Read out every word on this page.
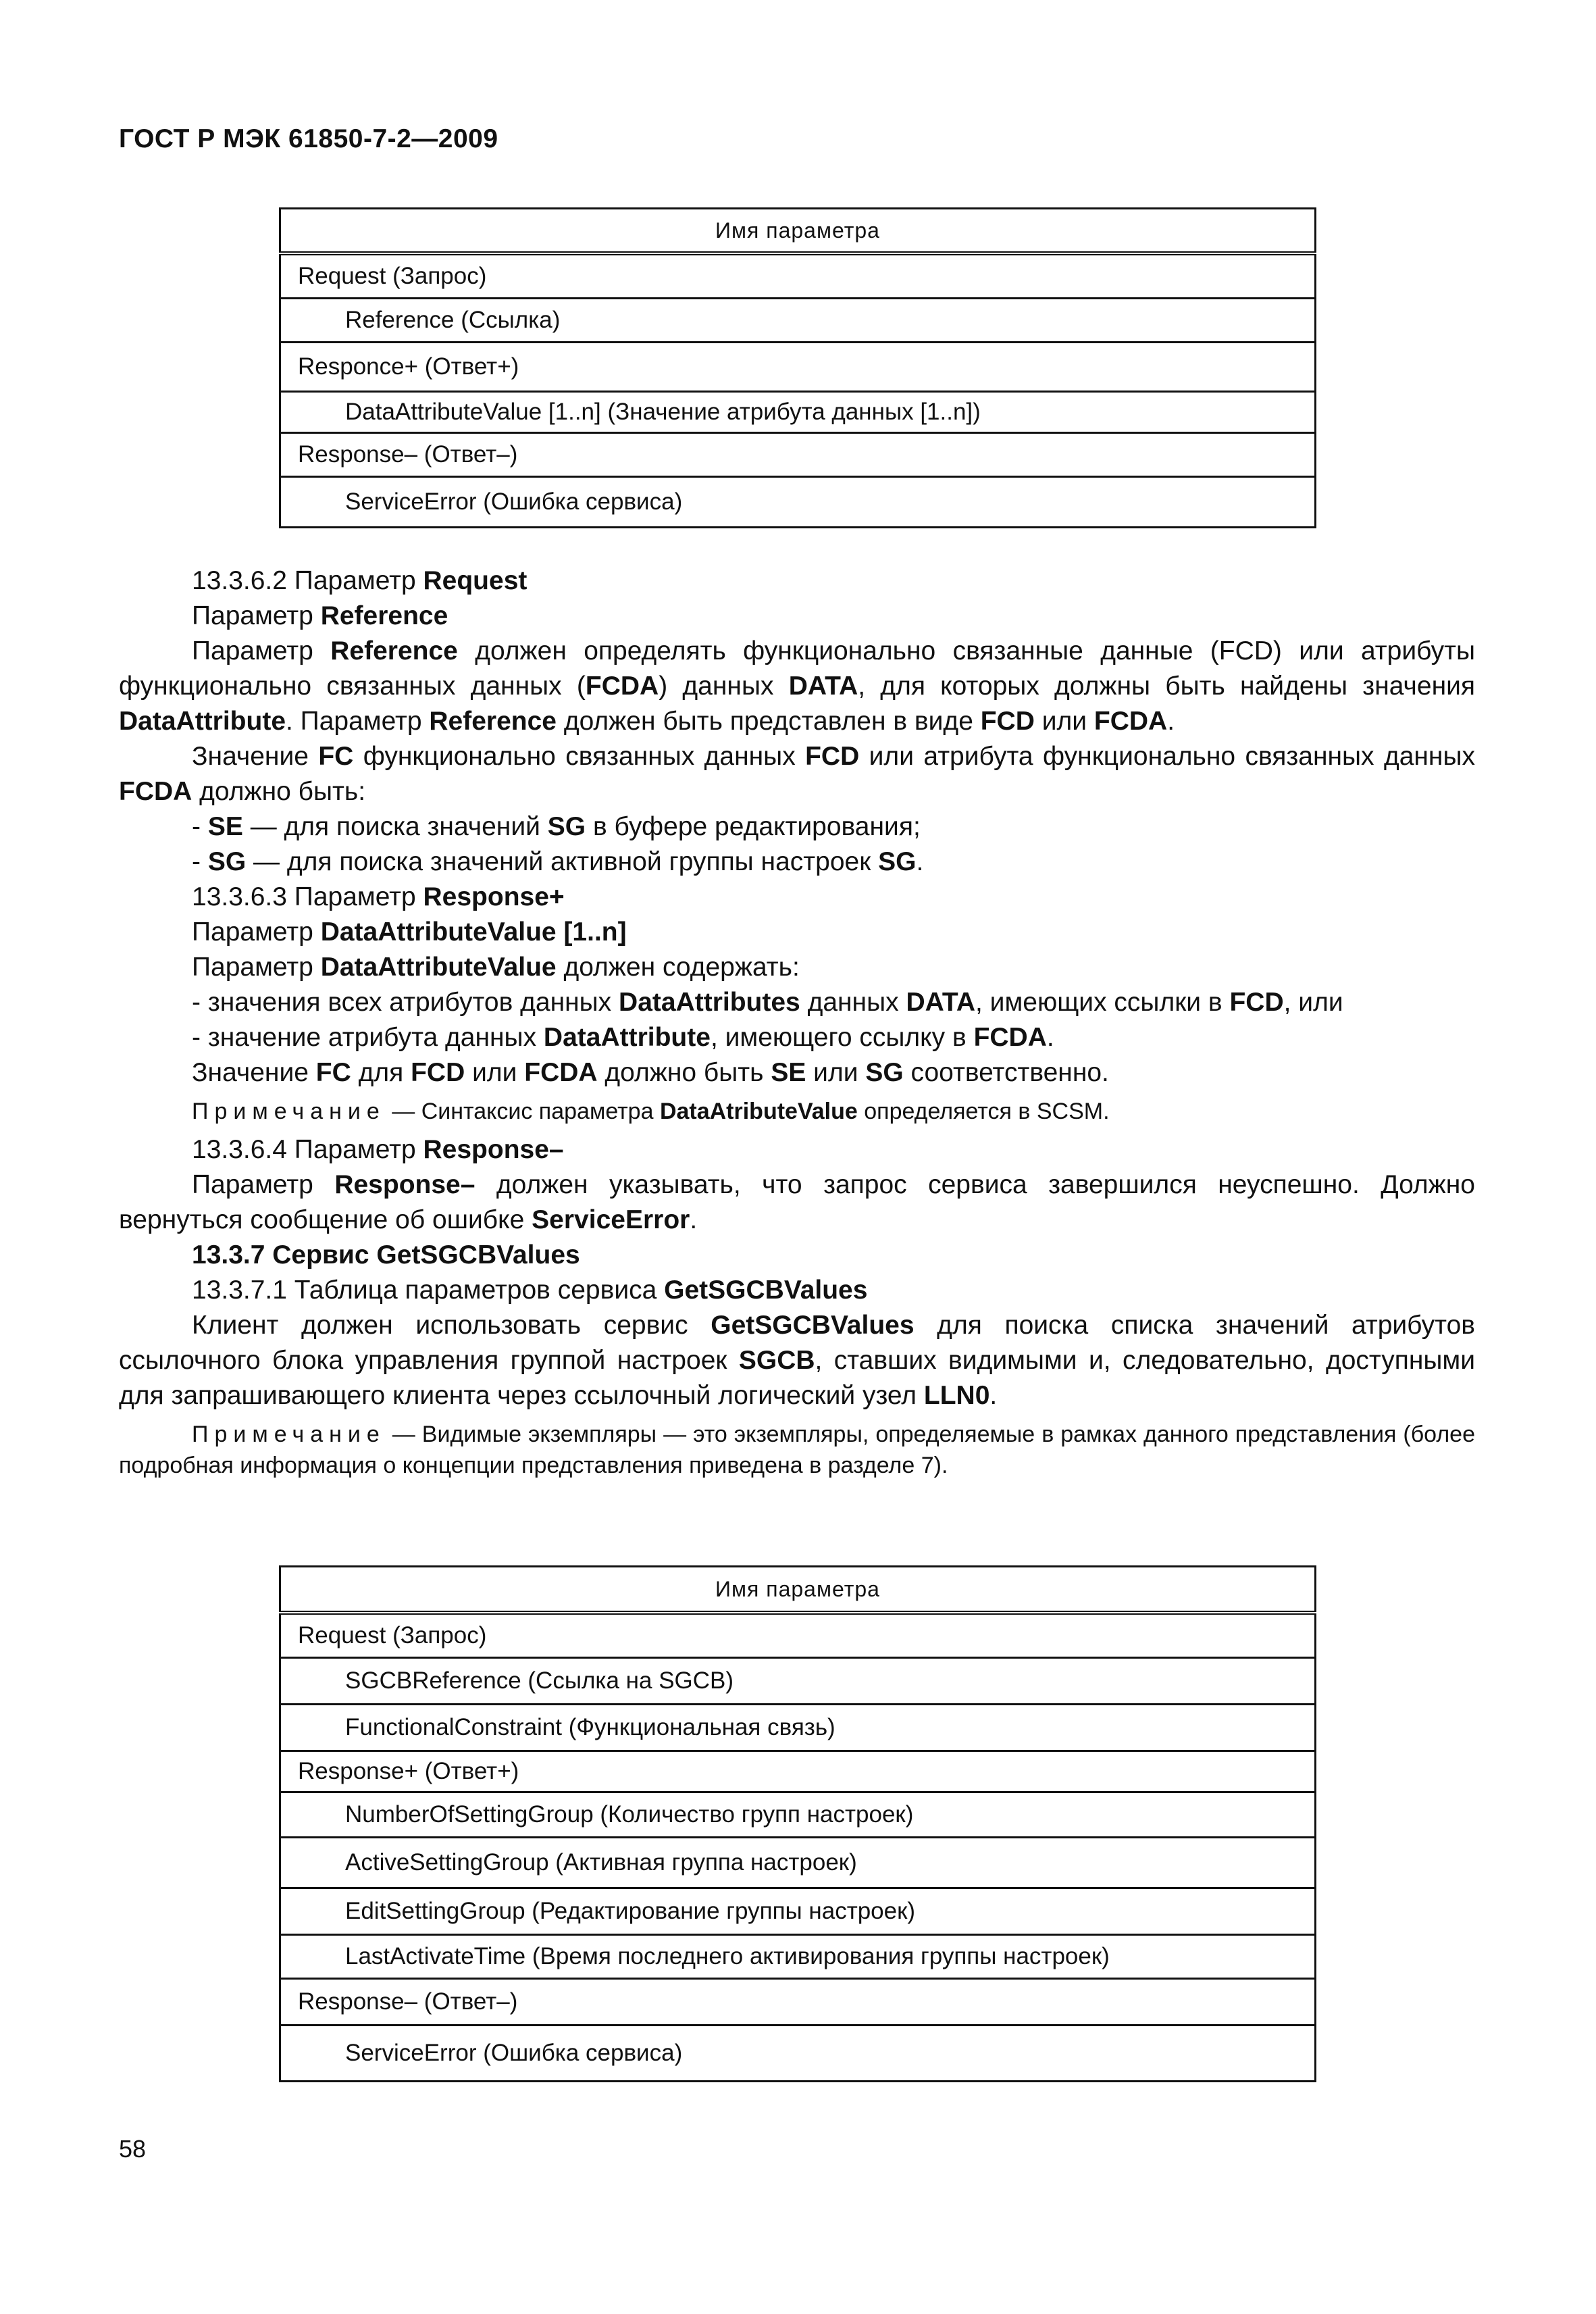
ГОСТ Р МЭК 61850-7-2—2009
Имя параметра
Request (Запрос)
Reference (Ссылка)
Responce+ (Ответ+)
DataAttributeValue [1..n] (Значение атрибута данных [1..n])
Response– (Ответ–)
ServiceError (Ошибка сервиса)

13.3.6.2 Параметр Request

Параметр Reference

Параметр Reference должен определять функционально связанные данные (FCD) или атрибуты функционально связанных данных (FCDA) данных DATA, для которых должны быть найдены значения DataAttribute. Параметр Reference должен быть представлен в виде FCD или FCDA.

Значение FC функционально связанных данных FCD или атрибута функционально связанных данных FCDA должно быть:

- SE — для поиска значений SG в буфере редактирования;

- SG — для поиска значений активной группы настроек SG.

13.3.6.3 Параметр Response+

Параметр DataAttributeValue [1..n]

Параметр DataAttributeValue должен содержать:

- значения всех атрибутов данных DataAttributes данных DATA, имеющих ссылки в FCD, или

- значение атрибута данных DataAttribute, имеющего ссылку в FCDA.

Значение FC для FCD или FCDA должно быть SE или SG соответственно.

Примечание — Синтаксис параметра DataAtributeValue определяется в SCSM.

13.3.6.4 Параметр Response–

Параметр Response– должен указывать, что запрос сервиса завершился неуспешно. Должно вернуться сообщение об ошибке ServiceError.

13.3.7 Сервис GetSGCBValues

13.3.7.1 Таблица параметров сервиса GetSGCBValues

Клиент должен использовать сервис GetSGCBValues для поиска списка значений атрибутов ссылочного блока управления группой настроек SGCB, ставших видимыми и, следовательно, доступными для запрашивающего клиента через ссылочный логический узел LLN0.

Примечание — Видимые экземпляры — это экземпляры, определяемые в рамках данного представления (более подробная информация о концепции представления приведена в разделе 7).

Имя параметра
Request (Запрос)
SGCBReference (Ссылка на SGCB)
FunctionalConstraint (Функциональная связь)
Response+ (Ответ+)
NumberOfSettingGroup (Количество групп настроек)
ActiveSettingGroup (Активная группа настроек)
EditSettingGroup (Редактирование группы настроек)
LastActivateTime (Время последнего активирования группы настроек)
Response– (Ответ–)
ServiceError (Ошибка сервиса)
58
